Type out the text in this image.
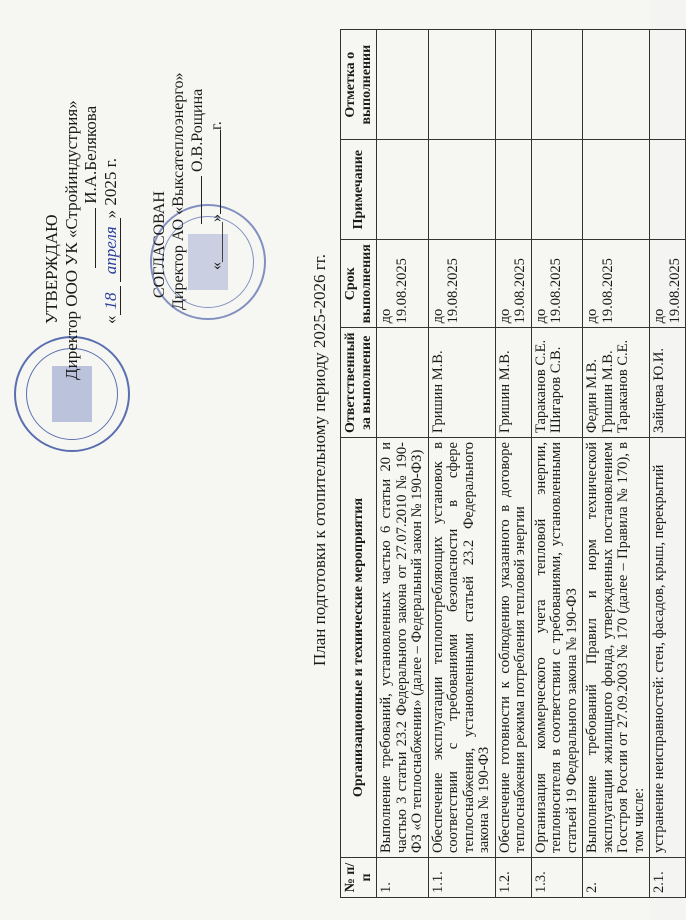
УТВЕРЖДАЮ Директор ООО УК «Стройиндустрия» И.А.Белякова
«18 апреля» 2025 г.
СОГЛАСОВАН Директор АО «Выксатеплоэнерго» О.В.Рощина
«_____»г.
План подготовки к отопительному периоду 2025-2026 гг.
№ п/п	Организационные и технические мероприятия	Ответственный за выполнение	Срок выполнения	Примечание	Отметка о выполнении
1.	Выполнение требований, установленных частью 6 статьи 20 и частью 3 статьи 23.2 Федерального закона от 27.07.2010 № 190-ФЗ «О теплоснабжении» (далее – Федеральный закон № 190-ФЗ)		до 19.08.2025		
1.1.	Обеспечение эксплуатации теплопотребляющих установок в соответствии с требованиями безопасности в сфере теплоснабжения, установленными статьей 23.2 Федерального закона № 190-ФЗ	Гришин М.В.	до 19.08.2025		
1.2.	Обеспечение готовности к соблюдению указанного в договоре теплоснабжения режима потребления тепловой энергии	Гришин М.В.	до 19.08.2025		
1.3.	Организация коммерческого учета тепловой энергии, теплоносителя в соответствии с требованиями, установленными статьей 19 Федерального закона № 190-ФЗ	Тараканов С.Е. Шигаров С.В.	до 19.08.2025		
2.	Выполнение требований Правил и норм технической эксплуатации жилищного фонда, утвержденных постановлением Госстроя России от 27.09.2003 № 170 (далее – Правила № 170), в том числе:	Федин М.В. Гришин М.В. Тараканов С.Е.	до 19.08.2025		
2.1.	устранение неисправностей: стен, фасадов, крыш, перекрытий	Зайцева Ю.И.	до 19.08.2025		
